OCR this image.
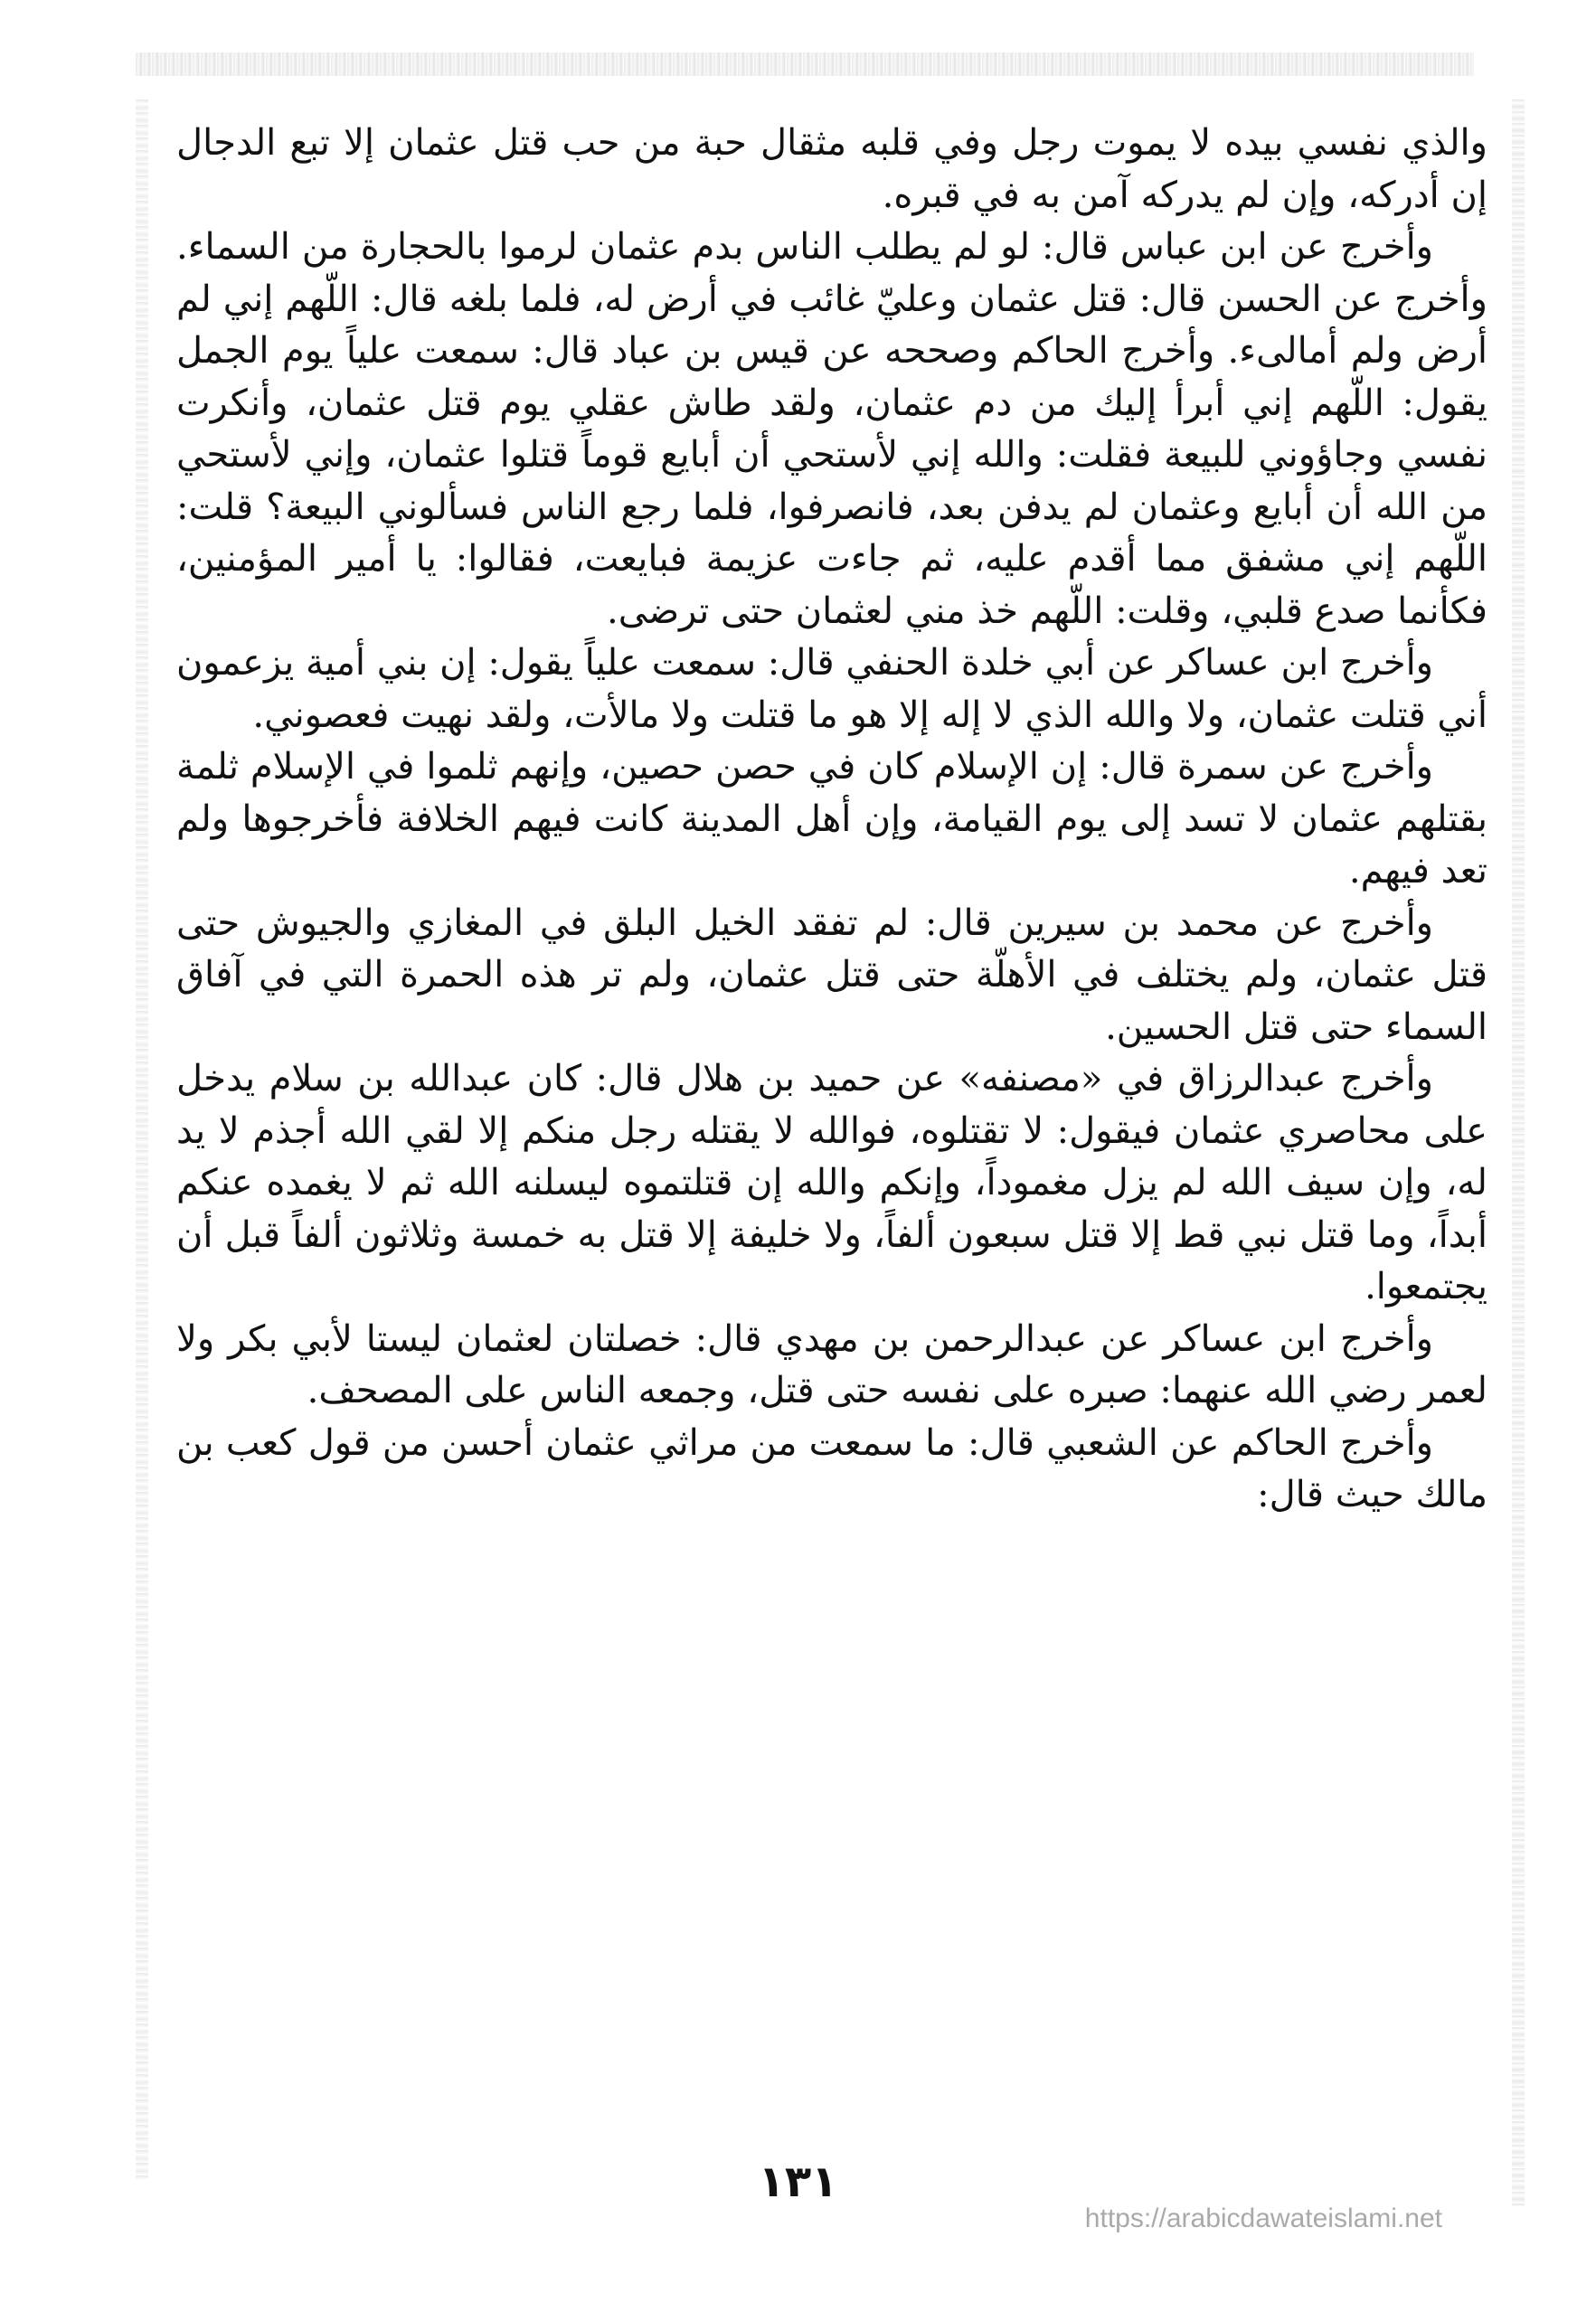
والذي نفسي بيده لا يموت رجل وفي قلبه مثقال حبة من حب قتل عثمان إلا تبع الدجال إن أدركه، وإن لم يدركه آمن به في قبره.

وأخرج عن ابن عباس قال: لو لم يطلب الناس بدم عثمان لرموا بالحجارة من السماء. وأخرج عن الحسن قال: قتل عثمان وعليّ غائب في أرض له، فلما بلغه قال: اللّهم إني لم أرض ولم أمالىء. وأخرج الحاكم وصححه عن قيس بن عباد قال: سمعت علياً يوم الجمل يقول: اللّهم إني أبرأ إليك من دم عثمان، ولقد طاش عقلي يوم قتل عثمان، وأنكرت نفسي وجاؤوني للبيعة فقلت: والله إني لأستحي أن أبايع قوماً قتلوا عثمان، وإني لأستحي من الله أن أبايع وعثمان لم يدفن بعد، فانصرفوا، فلما رجع الناس فسألوني البيعة؟ قلت: اللّهم إني مشفق مما أقدم عليه، ثم جاءت عزيمة فبايعت، فقالوا: يا أمير المؤمنين، فكأنما صدع قلبي، وقلت: اللّهم خذ مني لعثمان حتى ترضى.

وأخرج ابن عساكر عن أبي خلدة الحنفي قال: سمعت علياً يقول: إن بني أمية يزعمون أني قتلت عثمان، ولا والله الذي لا إله إلا هو ما قتلت ولا مالأت، ولقد نهيت فعصوني.

وأخرج عن سمرة قال: إن الإسلام كان في حصن حصين، وإنهم ثلموا في الإسلام ثلمة بقتلهم عثمان لا تسد إلى يوم القيامة، وإن أهل المدينة كانت فيهم الخلافة فأخرجوها ولم تعد فيهم.

وأخرج عن محمد بن سيرين قال: لم تفقد الخيل البلق في المغازي والجيوش حتى قتل عثمان، ولم يختلف في الأهلّة حتى قتل عثمان، ولم تر هذه الحمرة التي في آفاق السماء حتى قتل الحسين.

وأخرج عبدالرزاق في «مصنفه» عن حميد بن هلال قال: كان عبدالله بن سلام يدخل على محاصري عثمان فيقول: لا تقتلوه، فوالله لا يقتله رجل منكم إلا لقي الله أجذم لا يد له، وإن سيف الله لم يزل مغموداً، وإنكم والله إن قتلتموه ليسلنه الله ثم لا يغمده عنكم أبداً، وما قتل نبي قط إلا قتل سبعون ألفاً، ولا خليفة إلا قتل به خمسة وثلاثون ألفاً قبل أن يجتمعوا.

وأخرج ابن عساكر عن عبدالرحمن بن مهدي قال: خصلتان لعثمان ليستا لأبي بكر ولا لعمر رضي الله عنهما: صبره على نفسه حتى قتل، وجمعه الناس على المصحف.

وأخرج الحاكم عن الشعبي قال: ما سمعت من مراثي عثمان أحسن من قول كعب بن مالك حيث قال:

١٣١
https://arabicdawateislami.net
